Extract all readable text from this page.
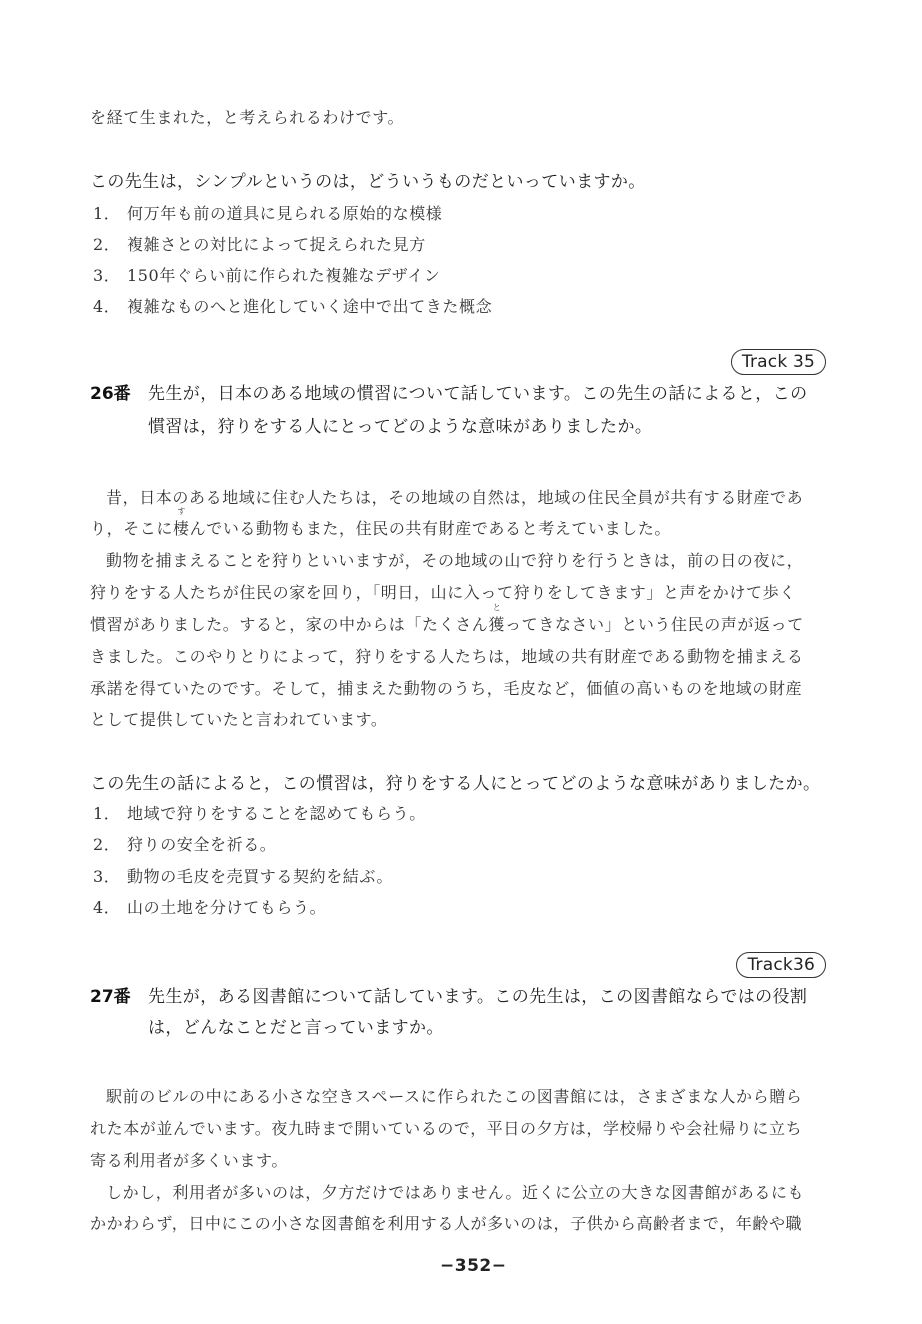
を経て生まれた，と考えられるわけです。
この先生は，シンプルというのは，どういうものだといっていますか。
1． 何万年も前の道具に見られる原始的な模様
2． 複雑さとの対比によって捉えられた見方
3． 150年ぐらい前に作られた複雑なデザイン
4． 複雑なものへと進化していく途中で出てきた概念
Track 35
26番 先生が，日本のある地域の慣習について話しています。この先生の話によると，この
慣習は，狩りをする人にとってどのような意味がありましたか。
昔，日本のある地域に住む人たちは，その地域の自然は，地域の住民全員が共有する財産であ
り，そこに棲
す
んでいる動物もまた，住民の共有財産であると考えていました。
動物を捕まえることを狩りといいますが，その地域の山で狩りを行うときは，前の日の夜に，
狩りをする人たちが住民の家を回り，「明日，山に入って狩りをしてきます」と声をかけて歩く
慣習がありました。すると，家の中からは「たくさん獲
と
ってきなさい」という住民の声が返って
きました。このやりとりによって，狩りをする人たちは，地域の共有財産である動物を捕まえる
承諾を得ていたのです。そして，捕まえた動物のうち，毛皮など，価値の高いものを地域の財産
として提供していたと言われています。
この先生の話によると，この慣習は，狩りをする人にとってどのような意味がありましたか。
1． 地域で狩りをすることを認めてもらう。
2． 狩りの安全を祈る。
3． 動物の毛皮を売買する契約を結ぶ。
4． 山の土地を分けてもらう。
Track36
27番 先生が，ある図書館について話しています。この先生は，この図書館ならではの役割
は，どんなことだと言っていますか。
駅前のビルの中にある小さな空きスペースに作られたこの図書館には，さまざまな人から贈ら
れた本が並んでいます。夜九時まで開いているので，平日の夕方は，学校帰りや会社帰りに立ち
寄る利用者が多くいます。
しかし，利用者が多いのは，夕方だけではありません。近くに公立の大きな図書館があるにも
かかわらず，日中にこの小さな図書館を利用する人が多いのは，子供から高齢者まで，年齢や職
−352−
